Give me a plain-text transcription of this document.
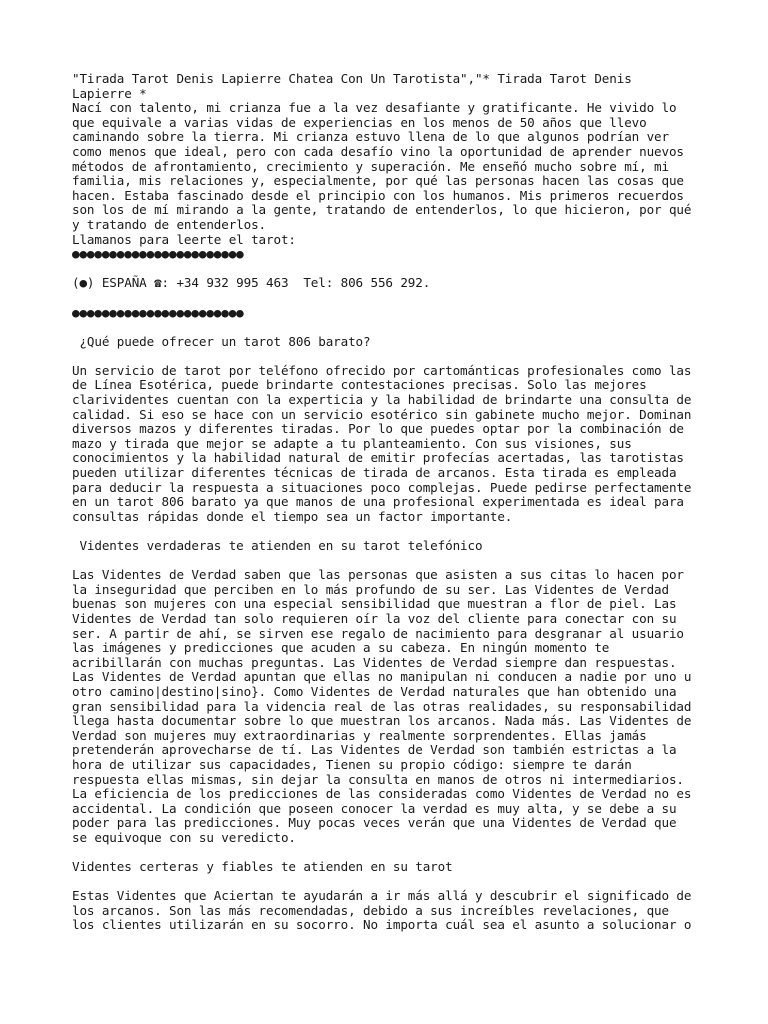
"Tirada Tarot Denis Lapierre Chatea Con Un Tarotista","* Tirada Tarot Denis
Lapierre *
Nací con talento, mi crianza fue a la vez desafiante y gratificante. He vivido lo
que equivale a varias vidas de experiencias en los menos de 50 años que llevo
caminando sobre la tierra. Mi crianza estuvo llena de lo que algunos podrían ver
como menos que ideal, pero con cada desafío vino la oportunidad de aprender nuevos
métodos de afrontamiento, crecimiento y superación. Me enseñó mucho sobre mí, mi
familia, mis relaciones y, especialmente, por qué las personas hacen las cosas que
hacen. Estaba fascinado desde el principio con los humanos. Mis primeros recuerdos
son los de mí mirando a la gente, tratando de entenderlos, lo que hicieron, por qué
y tratando de entenderlos.
Llamanos para leerte el tarot:
●●●●●●●●●●●●●●●●●●●●●●●
(●) ESPAÑA ☎: +34 932 995 463  Tel: 806 556 292.
●●●●●●●●●●●●●●●●●●●●●●●
¿Qué puede ofrecer un tarot 806 barato?
Un servicio de tarot por teléfono ofrecido por cartománticas profesionales como las
de Línea Esotérica, puede brindarte contestaciones precisas. Solo las mejores
clarividentes cuentan con la experticia y la habilidad de brindarte una consulta de
calidad. Si eso se hace con un servicio esotérico sin gabinete mucho mejor. Dominan
diversos mazos y diferentes tiradas. Por lo que puedes optar por la combinación de
mazo y tirada que mejor se adapte a tu planteamiento. Con sus visiones, sus
conocimientos y la habilidad natural de emitir profecías acertadas, las tarotistas
pueden utilizar diferentes técnicas de tirada de arcanos. Esta tirada es empleada
para deducir la respuesta a situaciones poco complejas. Puede pedirse perfectamente
en un tarot 806 barato ya que manos de una profesional experimentada es ideal para
consultas rápidas donde el tiempo sea un factor importante.
Videntes verdaderas te atienden en su tarot telefónico
Las Videntes de Verdad saben que las personas que asisten a sus citas lo hacen por
la inseguridad que perciben en lo más profundo de su ser. Las Videntes de Verdad
buenas son mujeres con una especial sensibilidad que muestran a flor de piel. Las
Videntes de Verdad tan solo requieren oír la voz del cliente para conectar con su
ser. A partir de ahí, se sirven ese regalo de nacimiento para desgranar al usuario
las imágenes y predicciones que acuden a su cabeza. En ningún momento te
acribillarán con muchas preguntas. Las Videntes de Verdad siempre dan respuestas.
Las Videntes de Verdad apuntan que ellas no manipulan ni conducen a nadie por uno u
otro camino|destino|sino}. Como Videntes de Verdad naturales que han obtenido una
gran sensibilidad para la videncia real de las otras realidades, su responsabilidad
llega hasta documentar sobre lo que muestran los arcanos. Nada más. Las Videntes de
Verdad son mujeres muy extraordinarias y realmente sorprendentes. Ellas jamás
pretenderán aprovecharse de tí. Las Videntes de Verdad son también estrictas a la
hora de utilizar sus capacidades, Tienen su propio código: siempre te darán
respuesta ellas mismas, sin dejar la consulta en manos de otros ni intermediarios.
La eficiencia de los predicciones de las consideradas como Videntes de Verdad no es
accidental. La condición que poseen conocer la verdad es muy alta, y se debe a su
poder para las predicciones. Muy pocas veces verán que una Videntes de Verdad que
se equivoque con su veredicto.
Videntes certeras y fiables te atienden en su tarot
Estas Videntes que Aciertan te ayudarán a ir más allá y descubrir el significado de
los arcanos. Son las más recomendadas, debido a sus increíbles revelaciones, que
los clientes utilizarán en su socorro. No importa cuál sea el asunto a solucionar o
